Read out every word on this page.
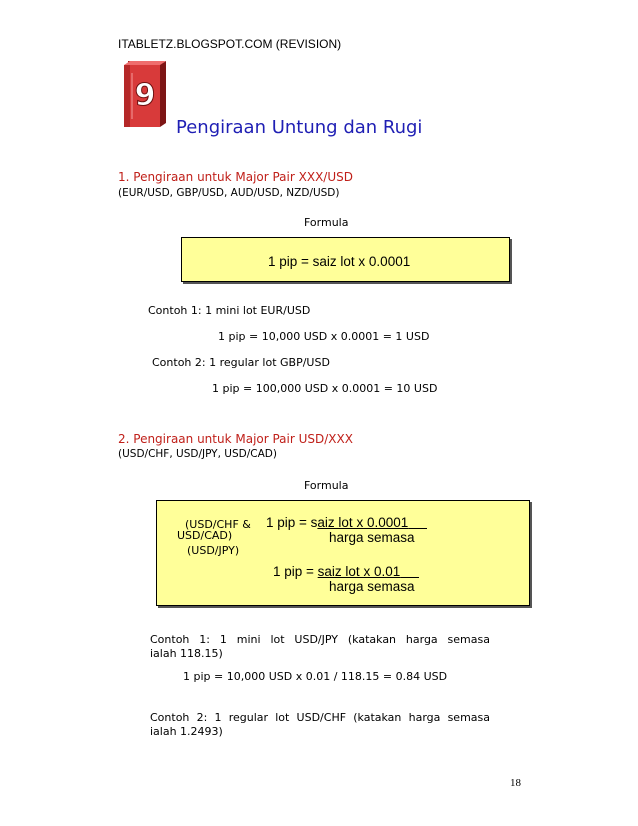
ITABLETZ.BLOGSPOT.COM (REVISION)
9
Pengiraan Untung dan Rugi
1. Pengiraan untuk Major Pair XXX/USD
(EUR/USD, GBP/USD, AUD/USD, NZD/USD)
Formula
1 pip = saiz lot x 0.0001
Contoh 1: 1 mini lot EUR/USD
1 pip = 10,000 USD x 0.0001 = 1 USD
Contoh 2: 1 regular lot GBP/USD
1 pip = 100,000 USD x 0.0001 = 10 USD
2. Pengiraan untuk Major Pair USD/XXX
(USD/CHF, USD/JPY, USD/CAD)
Formula
(USD/CHF &
USD/CAD)
(USD/JPY)
1 pip = saiz lot x 0.0001
harga semasa
1 pip = saiz lot x 0.01
harga semasa
Contoh 1: 1 mini lot USD/JPY (katakan harga semasa
ialah 118.15)
1 pip = 10,000 USD x 0.01 / 118.15 = 0.84 USD
Contoh 2: 1 regular lot USD/CHF (katakan harga semasa
ialah 1.2493)
18
